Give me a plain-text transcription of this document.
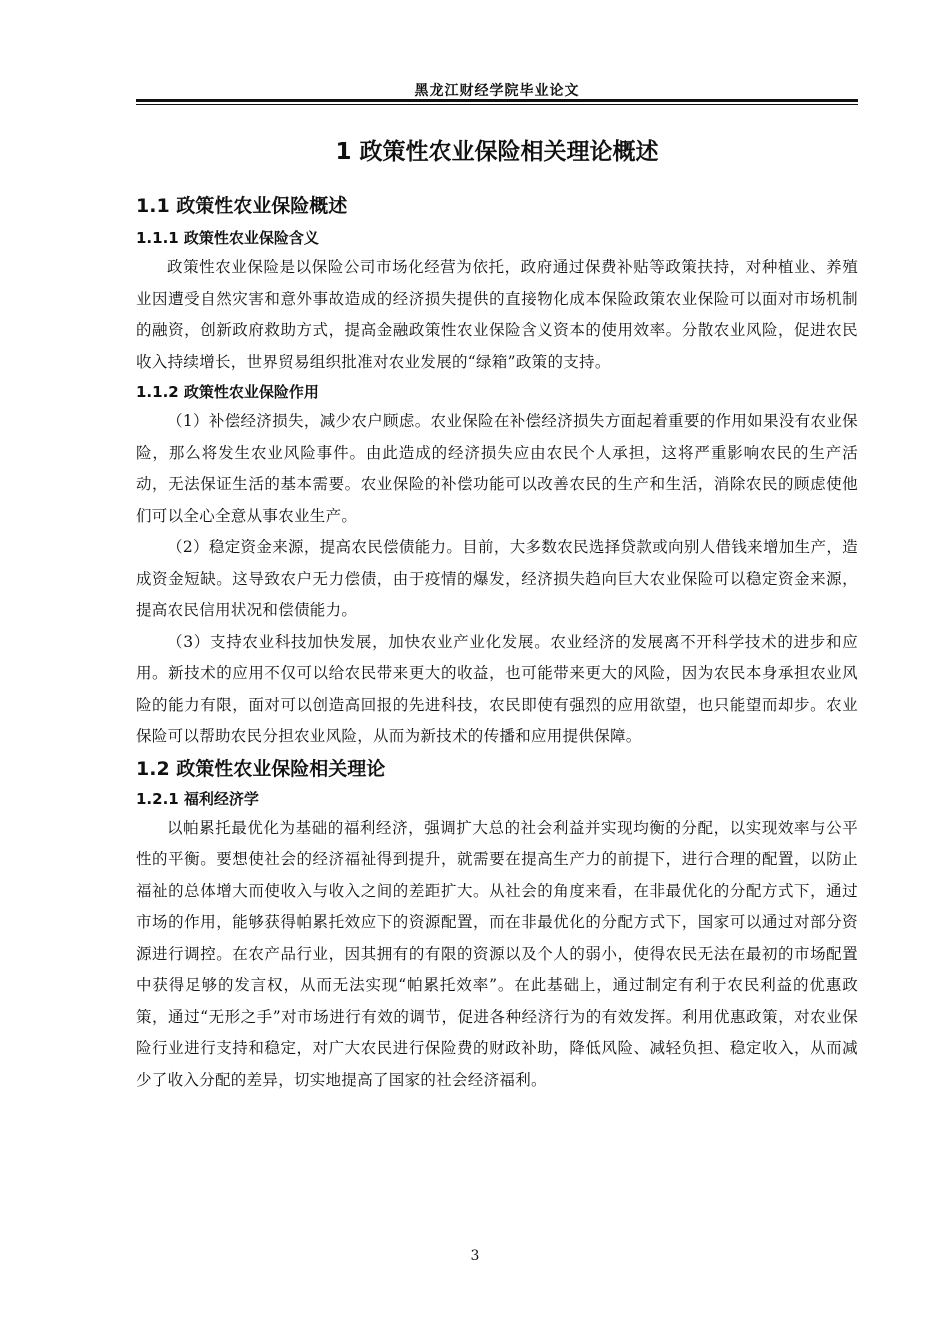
黑龙江财经学院毕业论文
1 政策性农业保险相关理论概述
1.1 政策性农业保险概述
1.1.1 政策性农业保险含义

政策性农业保险是以保险公司市场化经营为依托，政府通过保费补贴等政策扶持，对种植业、养殖业因遭受自然灾害和意外事故造成的经济损失提供的直接物化成本保险政策农业保险可以面对市场机制的融资，创新政府救助方式，提高金融政策性农业保险含义资本的使用效率。分散农业风险，促进农民收入持续增长，世界贸易组织批准对农业发展的“绿箱”政策的支持。

1.1.2 政策性农业保险作用

（1）补偿经济损失，减少农户顾虑。农业保险在补偿经济损失方面起着重要的作用如果没有农业保险，那么将发生农业风险事件。由此造成的经济损失应由农民个人承担，这将严重影响农民的生产活动，无法保证生活的基本需要。农业保险的补偿功能可以改善农民的生产和生活，消除农民的顾虑使他们可以全心全意从事农业生产。

（2）稳定资金来源，提高农民偿债能力。目前，大多数农民选择贷款或向别人借钱来增加生产，造成资金短缺。这导致农户无力偿债，由于疫情的爆发，经济损失趋向巨大农业保险可以稳定资金来源，提高农民信用状况和偿债能力。

（3）支持农业科技加快发展，加快农业产业化发展。农业经济的发展离不开科学技术的进步和应用。新技术的应用不仅可以给农民带来更大的收益，也可能带来更大的风险，因为农民本身承担农业风险的能力有限，面对可以创造高回报的先进科技，农民即使有强烈的应用欲望，也只能望而却步。农业保险可以帮助农民分担农业风险，从而为新技术的传播和应用提供保障。

1.2 政策性农业保险相关理论
1.2.1 福利经济学

以帕累托最优化为基础的福利经济，强调扩大总的社会利益并实现均衡的分配，以实现效率与公平性的平衡。要想使社会的经济福祉得到提升，就需要在提高生产力的前提下，进行合理的配置，以防止福祉的总体增大而使收入与收入之间的差距扩大。从社会的角度来看，在非最优化的分配方式下，通过市场的作用，能够获得帕累托效应下的资源配置，而在非最优化的分配方式下，国家可以通过对部分资源进行调控。在农产品行业，因其拥有的有限的资源以及个人的弱小，使得农民无法在最初的市场配置中获得足够的发言权，从而无法实现“帕累托效率”。在此基础上，通过制定有利于农民利益的优惠政策，通过“无形之手”对市场进行有效的调节，促进各种经济行为的有效发挥。利用优惠政策，对农业保险行业进行支持和稳定，对广大农民进行保险费的财政补助，降低风险、减轻负担、稳定收入，从而减少了收入分配的差异，切实地提高了国家的社会经济福利。

3
